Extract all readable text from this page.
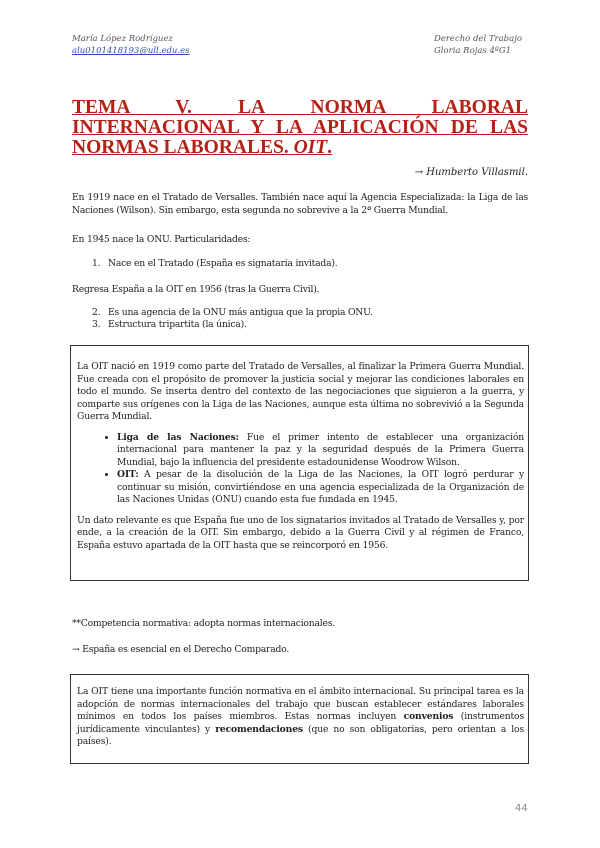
María López Rodríguez
alu0101418193@ull.edu.es
Derecho del Trabajo
Gloria Rojas 4ºG1
TEMA V. LA NORMA LABORAL INTERNACIONAL Y LA APLICACIÓN DE LAS NORMAS LABORALES. OIT.
→ Humberto Villasmil.

En 1919 nace en el Tratado de Versalles. También nace aquí la Agencia Especializada: la Liga de las Naciones (Wilson). Sin embargo, esta segunda no sobrevive a la 2ª Guerra Mundial.

En 1945 nace la ONU. Particularidades:

1. Nace en el Tratado (España es signataria invitada).

Regresa España a la OIT en 1956 (tras la Guerra Civil).

2. Es una agencia de la ONU más antigua que la propia ONU.
3. Estructura tripartita (la única).

La OIT nació en 1919 como parte del Tratado de Versalles, al finalizar la Primera Guerra Mundial. Fue creada con el propósito de promover la justicia social y mejorar las condiciones laborales en todo el mundo. Se inserta dentro del contexto de las negociaciones que siguieron a la guerra, y comparte sus orígenes con la Liga de las Naciones, aunque esta última no sobrevivió a la Segunda Guerra Mundial.

• Liga de las Naciones: Fue el primer intento de establecer una organización internacional para mantener la paz y la seguridad después de la Primera Guerra Mundial, bajo la influencia del presidente estadounidense Woodrow Wilson.
• OIT: A pesar de la disolución de la Liga de las Naciones, la OIT logró perdurar y continuar su misión, convirtiéndose en una agencia especializada de la Organización de las Naciones Unidas (ONU) cuando esta fue fundada en 1945.

Un dato relevante es que España fue uno de los signatarios invitados al Tratado de Versalles y, por ende, a la creación de la OIT. Sin embargo, debido a la Guerra Civil y al régimen de Franco, España estuvo apartada de la OIT hasta que se reincorporó en 1956.

**Competencia normativa: adopta normas internacionales.

→ España es esencial en el Derecho Comparado.

La OIT tiene una importante función normativa en el ámbito internacional. Su principal tarea es la adopción de normas internacionales del trabajo que buscan establecer estándares laborales mínimos en todos los países miembros. Estas normas incluyen convenios (instrumentos jurídicamente vinculantes) y recomendaciones (que no son obligatorias, pero orientan a los países).

44
